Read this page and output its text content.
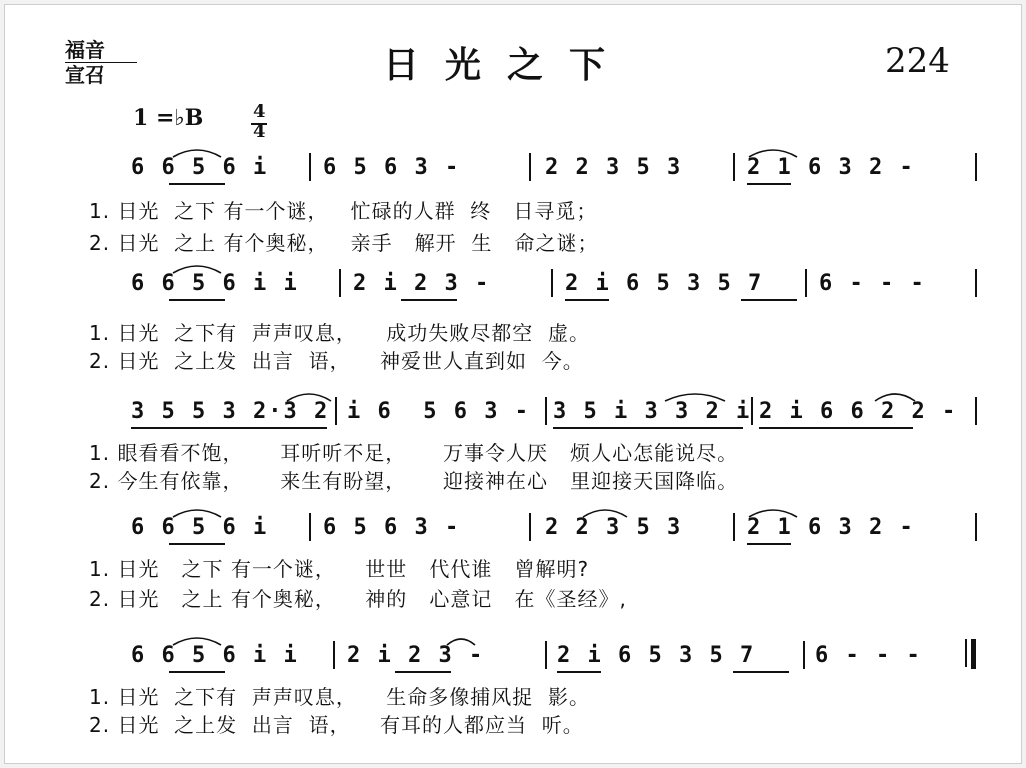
福音
宣召	日光之下	224
1 =♭B	4
4
6 6 5 6 i 6 5 6 3 -	2 2 3 5 3	2 1 6 3 2 -
1. 日光  之下 有一个谜，   忙碌的人群  终   日寻觅；
2. 日光  之上 有个奥秘，   亲手   解开  生   命之谜；
6 6 5 6 i i 2 i 2 3 -	2 i 6 5 3 5 7	6 - - -
1. 日光  之下有  声声叹息，    成功失败尽都空  虚。
2. 日光  之上发  出言  语，    神爱世人直到如  今。
3 5 5 3 2·3 2 i 6  5 6 3 - 3 5 i 3 3 2 i 2 i 6 6 2 2 -
1. 眼看看不饱，     耳听听不足，     万事令人厌   烦人心怎能说尽。
2. 今生有依靠，     来生有盼望，     迎接神在心   里迎接天国降临。
6 6 5 6 i 6 5 6 3 -	2 2 3 5 3	2 1 6 3 2 -
1. 日光   之下 有一个谜，    世世   代代谁   曾解明?
2. 日光   之上 有个奥秘，    神的   心意记   在《圣经》,
6 6 5 6 i i 2 i 2 3 -	2 i 6 5 3 5 7	6 - - -
1. 日光  之下有  声声叹息，    生命多像捕风捉  影。
2. 日光  之上发  出言  语，    有耳的人都应当  听。
